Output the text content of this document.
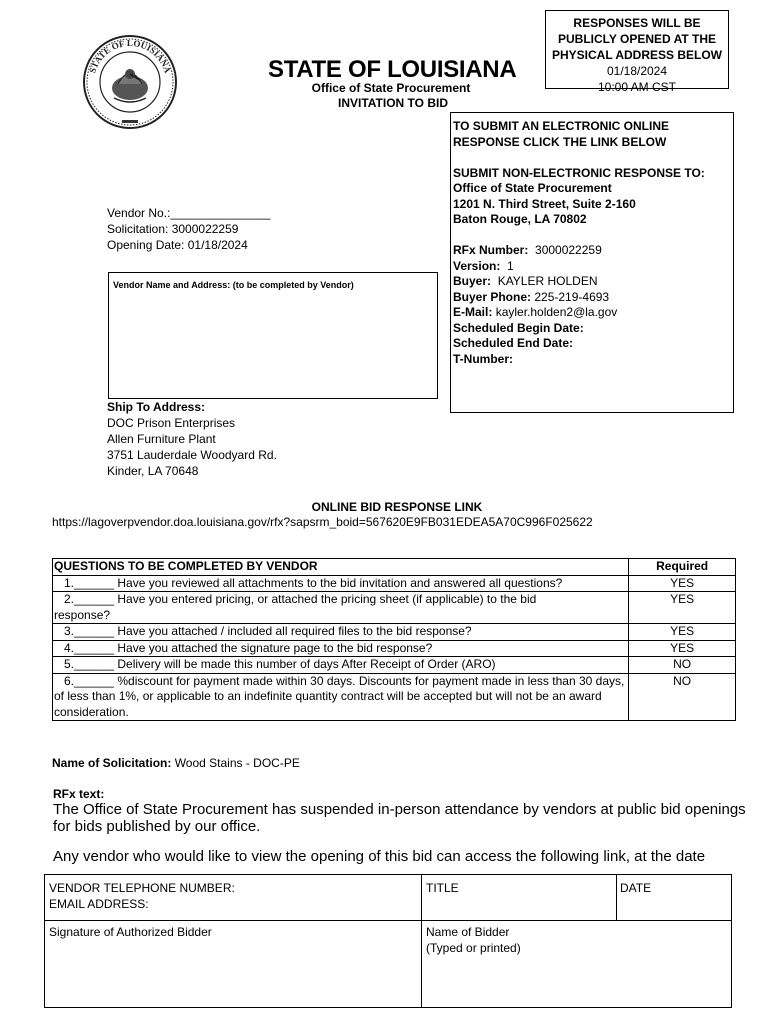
STATE OF LOUISIANA	STATE OF LOUISIANA
Office of State Procurement
INVITATION TO BID
RESPONSES WILL BE
PUBLICLY OPENED AT THE
PHYSICAL ADDRESS BELOW
01/18/2024
10:00 AM CST
TO SUBMIT AN ELECTRONIC ONLINE
RESPONSE CLICK THE LINK BELOW
SUBMIT NON-ELECTRONIC RESPONSE TO:
Office of State Procurement
1201 N. Third Street, Suite 2-160
Baton Rouge, LA 70802
RFx Number: 3000022259
Version: 1
Buyer: KAYLER HOLDEN
Buyer Phone: 225-219-4693
E-Mail: kayler.holden2@la.gov
Scheduled Begin Date:
Scheduled End Date:
T-Number:
Vendor No.:_______________
Solicitation: 3000022259
Opening Date: 01/18/2024
Vendor Name and Address: (to be completed by Vendor)
Ship To Address:
DOC Prison Enterprises
Allen Furniture Plant
3751 Lauderdale Woodyard Rd.
Kinder, LA 70648
ONLINE BID RESPONSE LINK
https://lagoverpvendor.doa.louisiana.gov/rfx?sapsrm_boid=567620E9FB031EDEA5A70C996F025622
QUESTIONS TO BE COMPLETED BY VENDOR	Required
1.______ Have you reviewed all attachments to the bid invitation and answered all questions?	YES
2.______ Have you entered pricing, or attached the pricing sheet (if applicable) to the bid
response?	YES
3.______ Have you attached / included all required files to the bid response?	YES
4.______ Have you attached the signature page to the bid response?	YES
5.______ Delivery will be made this number of days After Receipt of Order (ARO)	NO
6.______ %discount for payment made within 30 days. Discounts for payment made in less than 30 days, of less than 1%, or applicable to an indefinite quantity contract will be accepted but will not be an award consideration.	NO
Name of Solicitation: Wood Stains - DOC-PE
RFx text:
The Office of State Procurement has suspended in-person attendance by vendors at public bid openings for bids published by our office.
Any vendor who would like to view the opening of this bid can access the following link, at the date
VENDOR TELEPHONE NUMBER:
EMAIL ADDRESS:
TITLE	DATE
Signature of Authorized Bidder	Name of Bidder
(Typed or printed)
